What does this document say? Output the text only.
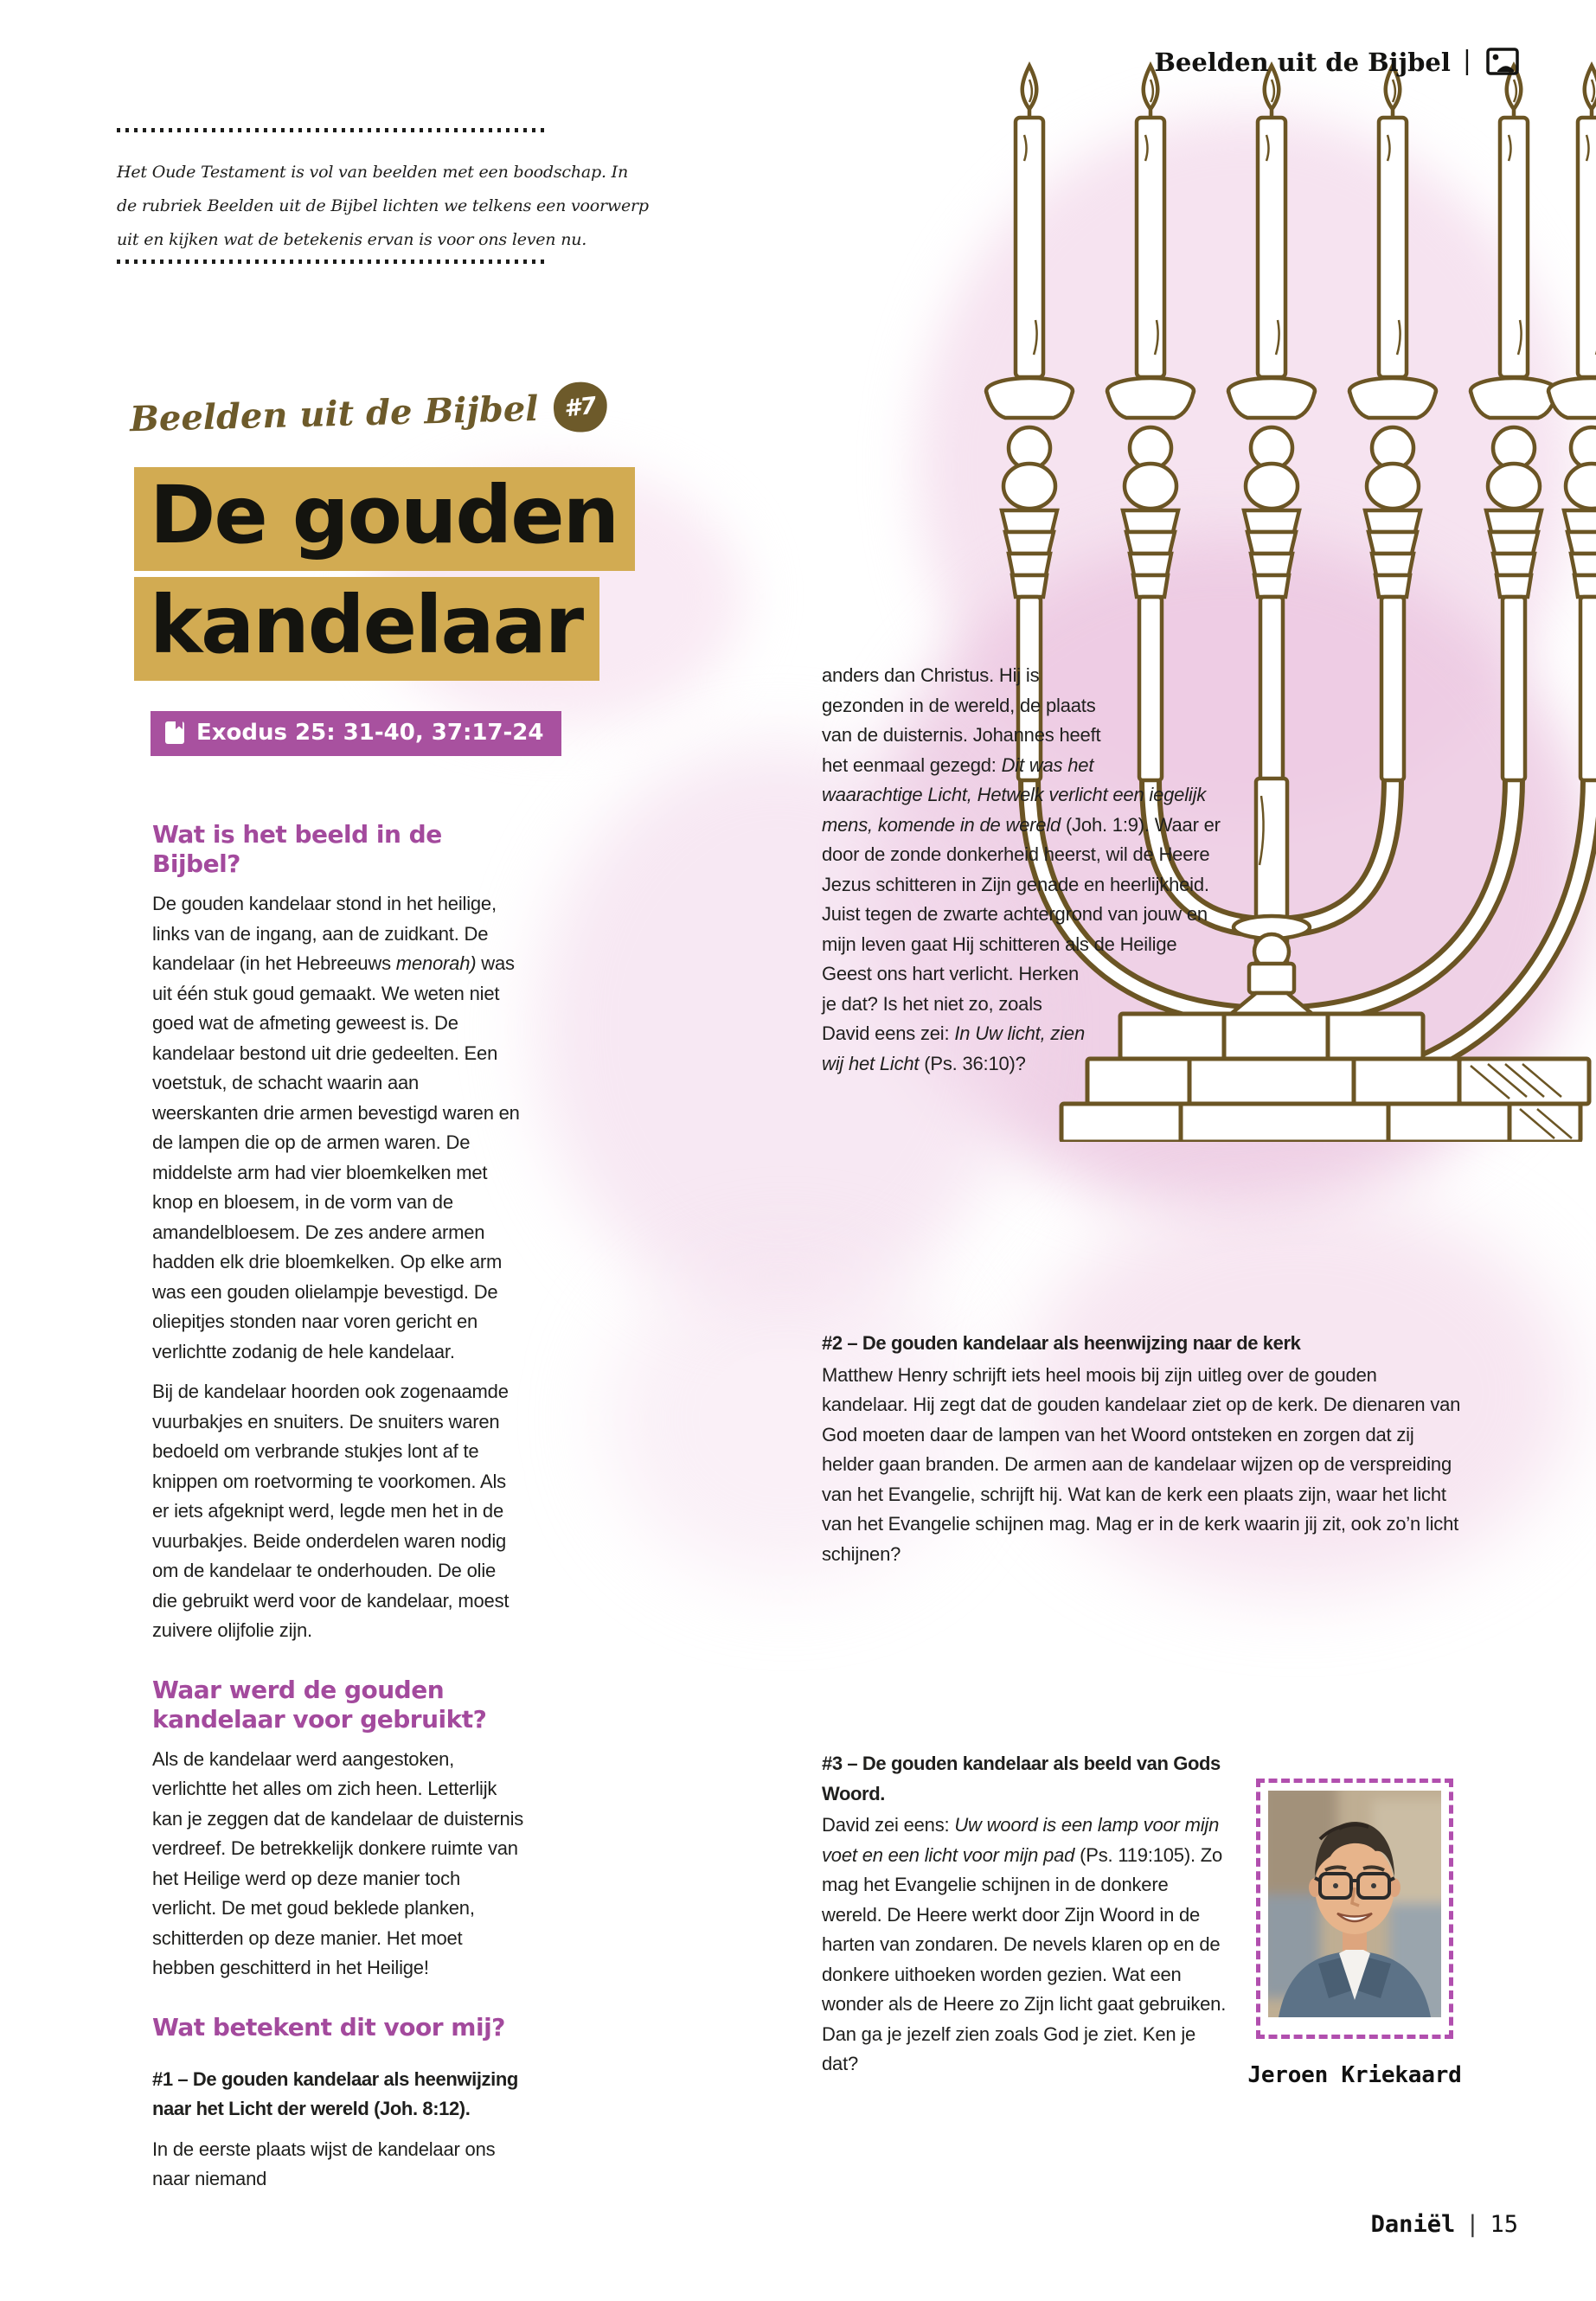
Beelden uit de Bijbel |
Het Oude Testament is vol van beelden met een boodschap. In
de rubriek Beelden uit de Bijbel lichten we telkens een voorwerp
uit en kijken wat de betekenis ervan is voor ons leven nu.
Beelden uit de Bijbel	#7
De gouden
kandelaar
Exodus 25: 31-40, 37:17-24
Wat is het beeld in de Bijbel?

De gouden kandelaar stond in het heilige, links van de ingang, aan de zuidkant. De kandelaar (in het Hebreeuws menorah) was uit één stuk goud gemaakt. We weten niet goed wat de afmeting geweest is. De kandelaar bestond uit drie gedeelten. Een voetstuk, de schacht waarin aan weerskanten drie armen bevestigd waren en de lampen die op de armen waren. De middelste arm had vier bloemkelken met knop en bloesem, in de vorm van de amandelbloesem. De zes andere armen hadden elk drie bloemkelken. Op elke arm was een gouden olielampje bevestigd. De oliepitjes stonden naar voren gericht en verlichtte zodanig de hele kandelaar.

Bij de kandelaar hoorden ook zogenaamde vuurbakjes en snuiters. De snuiters waren bedoeld om verbrande stukjes lont af te knippen om roetvorming te voorkomen. Als er iets afgeknipt werd, legde men het in de vuurbakjes. Beide onderdelen waren nodig om de kandelaar te onderhouden. De olie die gebruikt werd voor de kandelaar, moest zuivere olijfolie zijn.

Waar werd de gouden kandelaar voor gebruikt?

Als de kandelaar werd aangestoken, verlichtte het alles om zich heen. Letterlijk kan je zeggen dat de kandelaar de duisternis verdreef. De betrekkelijk donkere ruimte van het Heilige werd op deze manier toch verlicht. De met goud beklede planken, schitterden op deze manier. Het moet hebben geschitterd in het Heilige!

Wat betekent dit voor mij?

#1 – De gouden kandelaar als heenwijzing naar het Licht der wereld (Joh. 8:12).

In de eerste plaats wijst de kandelaar ons naar niemand

anders dan Christus. Hij is gezonden in de wereld, de plaats van de duisternis. Johannes heeft het eenmaal gezegd: Dit was het waarachtige Licht, Hetwelk verlicht een iegelijk mens, komende in de wereld (Joh. 1:9). Waar er door de zonde donkerheid heerst, wil de Heere Jezus schitteren in Zijn genade en heerlijkheid. Juist tegen de zwarte achtergrond van jouw en mijn leven gaat Hij schitteren als de Heilige Geest ons hart verlicht. Herken je dat? Is het niet zo, zoals David eens zei: In Uw licht, zien wij het Licht (Ps. 36:10)?

#2 – De gouden kandelaar als heenwijzing naar de kerk

Matthew Henry schrijft iets heel moois bij zijn uitleg over de gouden kandelaar. Hij zegt dat de gouden kandelaar ziet op de kerk. De dienaren van God moeten daar de lampen van het Woord ontsteken en zorgen dat zij helder gaan branden. De armen aan de kandelaar wijzen op de verspreiding van het Evangelie, schrijft hij. Wat kan de kerk een plaats zijn, waar het licht van het Evangelie schijnen mag. Mag er in de kerk waarin jij zit, ook zo’n licht schijnen?

Jeroen Kriekaard

#3 – De gouden kandelaar als beeld van Gods Woord.

David zei eens: Uw woord is een lamp voor mijn voet en een licht voor mijn pad (Ps. 119:105). Zo mag het Evangelie schijnen in de donkere wereld. De Heere werkt door Zijn Woord in de harten van zondaren. De nevels klaren op en de donkere uithoeken worden gezien. Wat een wonder als de Heere zo Zijn licht gaat gebruiken. Dan ga je jezelf zien zoals God je ziet. Ken je dat?

Daniël | 15
